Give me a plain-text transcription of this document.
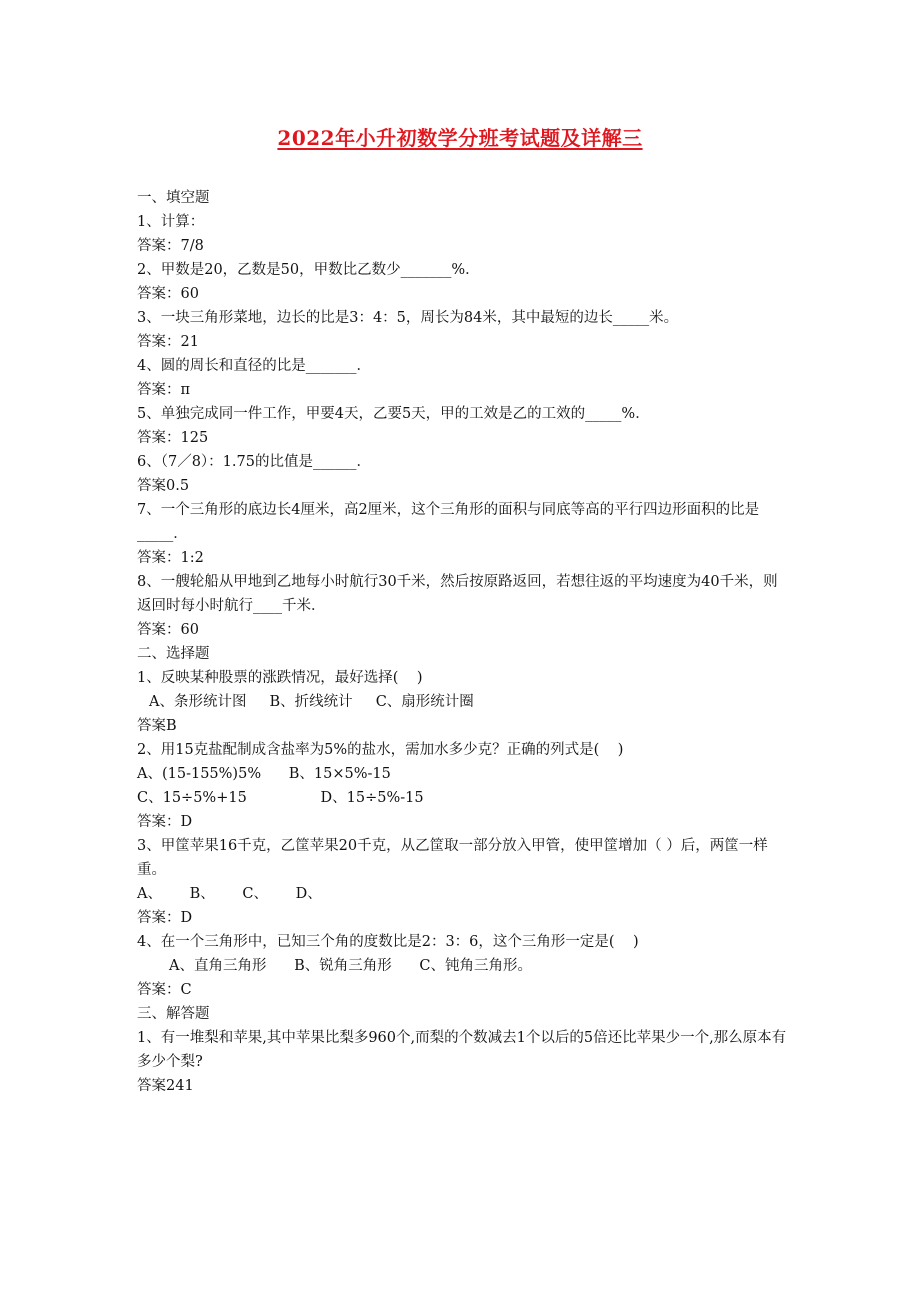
2022年小升初数学分班考试题及详解三
一、填空题
1、计算：
答案：7/8
2、甲数是20，乙数是50，甲数比乙数少_______%．
答案：60
3、一块三角形菜地，边长的比是3：4：5，周长为84米，其中最短的边长_____米。
答案：21
4、圆的周长和直径的比是_______．
答案：π
5、单独完成同一件工作，甲要4天，乙要5天，甲的工效是乙的工效的_____%．
答案：125
6、（7／8）：1.75的比值是______．
答案0.5
7、一个三角形的底边长4厘米，高2厘米，这个三角形的面积与同底等高的平行四边形面积的比是_____．
答案：1:2
8、一艘轮船从甲地到乙地每小时航行30千米，然后按原路返回，若想往返的平均速度为40千米，则返回时每小时航行____千米．
答案：60
二、选择题
1、反映某种股票的涨跌情况，最好选择(    )
A、条形统计图     B、折线统计     C、扇形统计圈
答案B
2、用15克盐配制成含盐率为5%的盐水，需加水多少克？正确的列式是(    )
A、(15-155%)5%      B、15×5%-15
C、15÷5%+15                D、15÷5%-15
答案：D
3、甲筐苹果16千克，乙筐苹果20千克，从乙筐取一部分放入甲管，使甲筐增加（ ）后，两筐一样重。
A、      B、      C、      D、
答案：D
4、在一个三角形中，已知三个角的度数比是2：3：6，这个三角形一定是(    )
A、直角三角形      B、锐角三角形      C、钝角三角形。
答案：C
三、解答题
1、有一堆梨和苹果,其中苹果比梨多960个,而梨的个数减去1个以后的5倍还比苹果少一个,那么原本有多少个梨?
答案241
